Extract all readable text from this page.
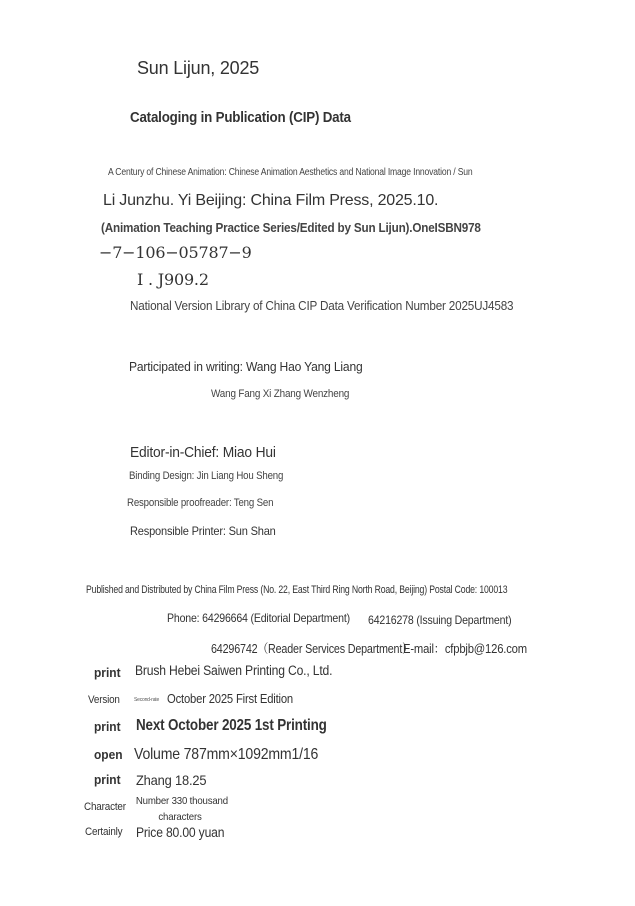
Sun Lijun, 2025
Cataloging in Publication (CIP) Data
A Century of Chinese Animation: Chinese Animation Aesthetics and National Image Innovation / Sun
Li Junzhu. Yi Beijing: China Film Press, 2025.10.
(Animation Teaching Practice Series/Edited by Sun Lijun).OneISBN978
−7−106−05787−9
Ⅰ . J909.2
National Version Library of China CIP Data Verification Number 2025UJ4583
Participated in writing: Wang Hao Yang Liang
Wang Fang Xi Zhang Wenzheng
Editor-in-Chief: Miao Hui
Binding Design: Jin Liang Hou Sheng
Responsible proofreader: Teng Sen
Responsible Printer: Sun Shan
Published and Distributed by China Film Press (No. 22, East Third Ring North Road, Beijing) Postal Code: 100013
Phone: 64296664 (Editorial Department)	64216278 (Issuing Department)
64296742（Reader Services Department）
E-mail：cfpbjb@126.com
print Brush Hebei Saiwen Printing Co., Ltd.
Version	Second-rate October 2025 First Edition
print Next October 2025 1st Printing
open Volume 787mm×1092mm1/16
print Zhang 18.25
Character Number 330 thousand
characters
Certainly	Price 80.00 yuan
